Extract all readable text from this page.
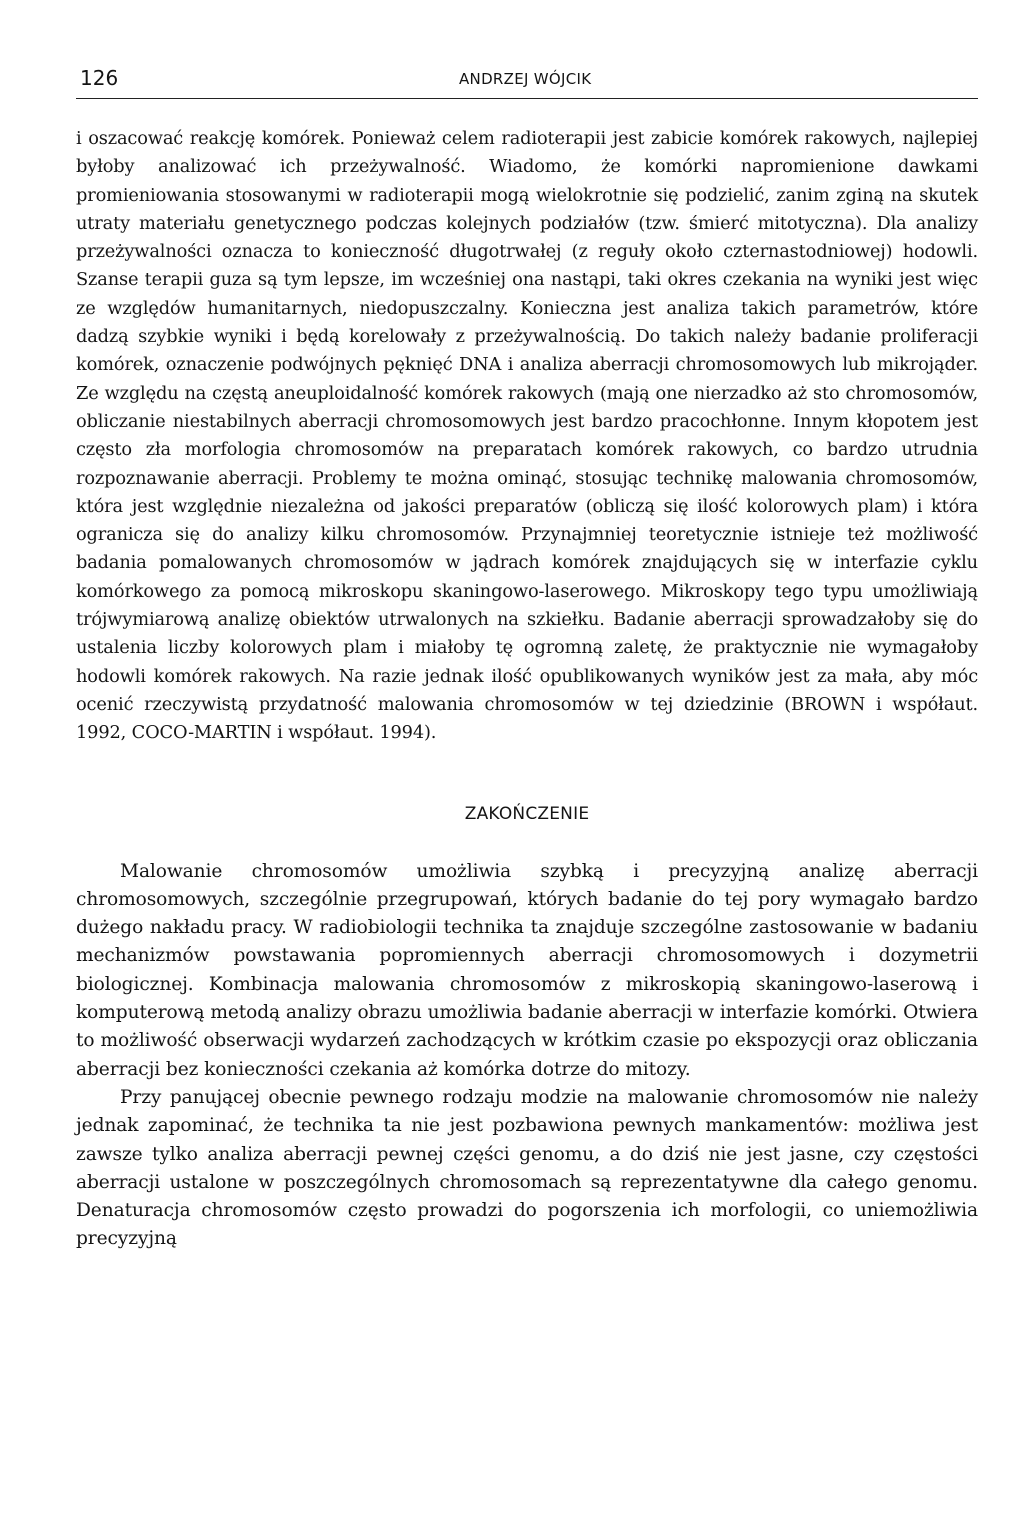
126	ANDRZEJ WÓJCIK

i oszacować reakcję komórek. Ponieważ celem radioterapii jest zabicie komórek rakowych, najlepiej byłoby analizować ich przeżywalność. Wiadomo, że komórki napromienione dawkami promieniowania stosowanymi w radioterapii mogą wielokrotnie się podzielić, zanim zginą na skutek utraty materiału genetycznego podczas kolejnych podziałów (tzw. śmierć mitotyczna). Dla analizy przeżywalności oznacza to konieczność długotrwałej (z reguły około czternastodniowej) hodowli. Szanse terapii guza są tym lepsze, im wcześniej ona nastąpi, taki okres czekania na wyniki jest więc ze względów humanitarnych, niedopuszczalny. Konieczna jest analiza takich parametrów, które dadzą szybkie wyniki i będą korelowały z przeżywalnością. Do takich należy badanie proliferacji komórek, oznaczenie podwójnych pęknięć DNA i analiza aberracji chromosomowych lub mikrojąder. Ze względu na częstą aneuploidalność komórek rakowych (mają one nierzadko aż sto chromosomów, obliczanie niestabilnych aberracji chromosomowych jest bardzo pracochłonne. Innym kłopotem jest często zła morfologia chromosomów na preparatach komórek rakowych, co bardzo utrudnia rozpoznawanie aberracji. Problemy te można ominąć, stosując technikę malowania chromosomów, która jest względnie niezależna od jakości preparatów (obliczą się ilość kolorowych plam) i która ogranicza się do analizy kilku chromosomów. Przynajmniej teoretycznie istnieje też możliwość badania pomalowanych chromosomów w jądrach komórek znajdujących się w interfazie cyklu komórkowego za pomocą mikroskopu skaningowo-laserowego. Mikroskopy tego typu umożliwiają trójwymiarową analizę obiektów utrwalonych na szkiełku. Badanie aberracji sprowadzałoby się do ustalenia liczby kolorowych plam i miałoby tę ogromną zaletę, że praktycznie nie wymagałoby hodowli komórek rakowych. Na razie jednak ilość opublikowanych wyników jest za mała, aby móc ocenić rzeczywistą przydatność malowania chromosomów w tej dziedzinie (BROWN i współaut. 1992, COCO-MARTIN i współaut. 1994).

ZAKOŃCZENIE

Malowanie chromosomów umożliwia szybką i precyzyjną analizę aberracji chromosomowych, szczególnie przegrupowań, których badanie do tej pory wymagało bardzo dużego nakładu pracy. W radiobiologii technika ta znajduje szczególne zastosowanie w badaniu mechanizmów powstawania popromiennych aberracji chromosomowych i dozymetrii biologicznej. Kombinacja malowania chromosomów z mikroskopią skaningowo-laserową i komputerową metodą analizy obrazu umożliwia badanie aberracji w interfazie komórki. Otwiera to możliwość obserwacji wydarzeń zachodzących w krótkim czasie po ekspozycji oraz obliczania aberracji bez konieczności czekania aż komórka dotrze do mitozy.

Przy panującej obecnie pewnego rodzaju modzie na malowanie chromosomów nie należy jednak zapominać, że technika ta nie jest pozbawiona pewnych mankamentów: możliwa jest zawsze tylko analiza aberracji pewnej części genomu, a do dziś nie jest jasne, czy częstości aberracji ustalone w poszczególnych chromosomach są reprezentatywne dla całego genomu. Denaturacja chromosomów często prowadzi do pogorszenia ich morfologii, co uniemożliwia precyzyjną
